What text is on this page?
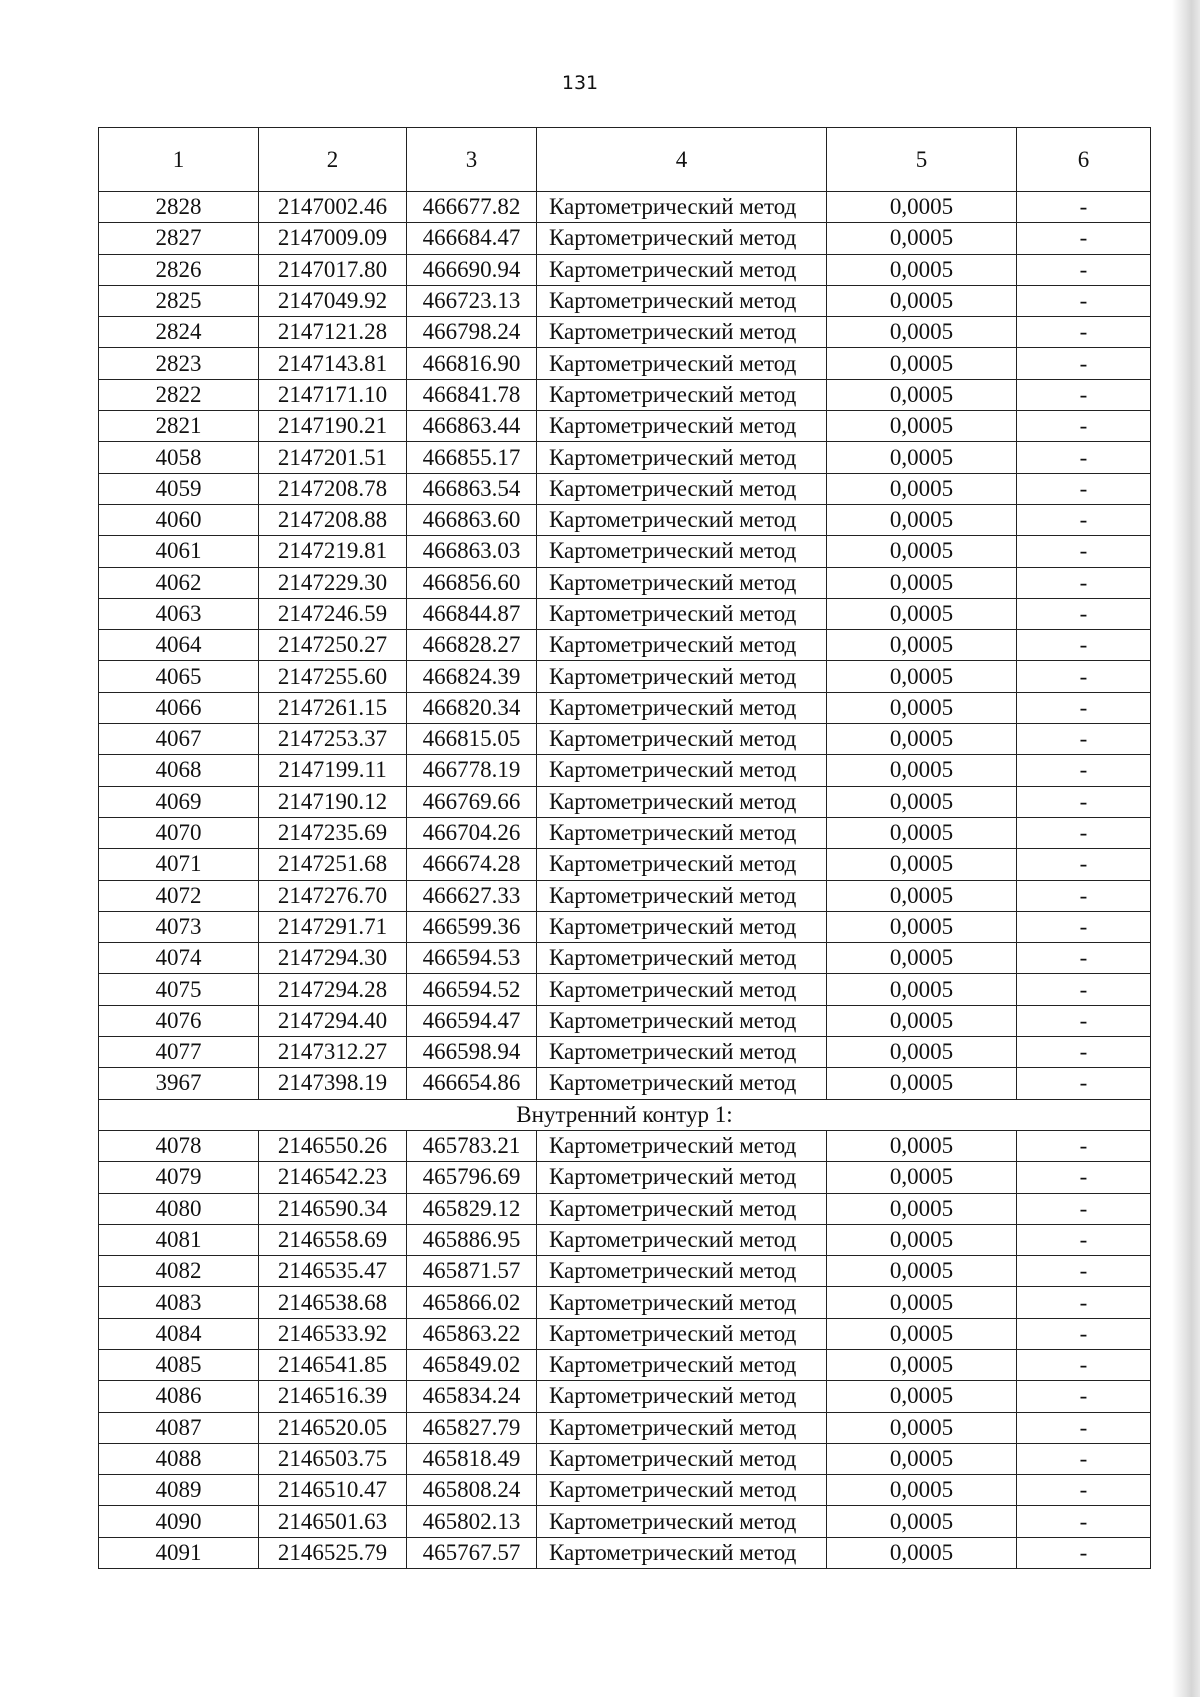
131
1	2	3	4	5	6
2828	2147002.46	466677.82	Картометрический метод	0,0005	-
2827	2147009.09	466684.47	Картометрический метод	0,0005	-
2826	2147017.80	466690.94	Картометрический метод	0,0005	-
2825	2147049.92	466723.13	Картометрический метод	0,0005	-
2824	2147121.28	466798.24	Картометрический метод	0,0005	-
2823	2147143.81	466816.90	Картометрический метод	0,0005	-
2822	2147171.10	466841.78	Картометрический метод	0,0005	-
2821	2147190.21	466863.44	Картометрический метод	0,0005	-
4058	2147201.51	466855.17	Картометрический метод	0,0005	-
4059	2147208.78	466863.54	Картометрический метод	0,0005	-
4060	2147208.88	466863.60	Картометрический метод	0,0005	-
4061	2147219.81	466863.03	Картометрический метод	0,0005	-
4062	2147229.30	466856.60	Картометрический метод	0,0005	-
4063	2147246.59	466844.87	Картометрический метод	0,0005	-
4064	2147250.27	466828.27	Картометрический метод	0,0005	-
4065	2147255.60	466824.39	Картометрический метод	0,0005	-
4066	2147261.15	466820.34	Картометрический метод	0,0005	-
4067	2147253.37	466815.05	Картометрический метод	0,0005	-
4068	2147199.11	466778.19	Картометрический метод	0,0005	-
4069	2147190.12	466769.66	Картометрический метод	0,0005	-
4070	2147235.69	466704.26	Картометрический метод	0,0005	-
4071	2147251.68	466674.28	Картометрический метод	0,0005	-
4072	2147276.70	466627.33	Картометрический метод	0,0005	-
4073	2147291.71	466599.36	Картометрический метод	0,0005	-
4074	2147294.30	466594.53	Картометрический метод	0,0005	-
4075	2147294.28	466594.52	Картометрический метод	0,0005	-
4076	2147294.40	466594.47	Картометрический метод	0,0005	-
4077	2147312.27	466598.94	Картометрический метод	0,0005	-
3967	2147398.19	466654.86	Картометрический метод	0,0005	-
Внутренний контур 1:					
4078	2146550.26	465783.21	Картометрический метод	0,0005	-
4079	2146542.23	465796.69	Картометрический метод	0,0005	-
4080	2146590.34	465829.12	Картометрический метод	0,0005	-
4081	2146558.69	465886.95	Картометрический метод	0,0005	-
4082	2146535.47	465871.57	Картометрический метод	0,0005	-
4083	2146538.68	465866.02	Картометрический метод	0,0005	-
4084	2146533.92	465863.22	Картометрический метод	0,0005	-
4085	2146541.85	465849.02	Картометрический метод	0,0005	-
4086	2146516.39	465834.24	Картометрический метод	0,0005	-
4087	2146520.05	465827.79	Картометрический метод	0,0005	-
4088	2146503.75	465818.49	Картометрический метод	0,0005	-
4089	2146510.47	465808.24	Картометрический метод	0,0005	-
4090	2146501.63	465802.13	Картометрический метод	0,0005	-
4091	2146525.79	465767.57	Картометрический метод	0,0005	-
